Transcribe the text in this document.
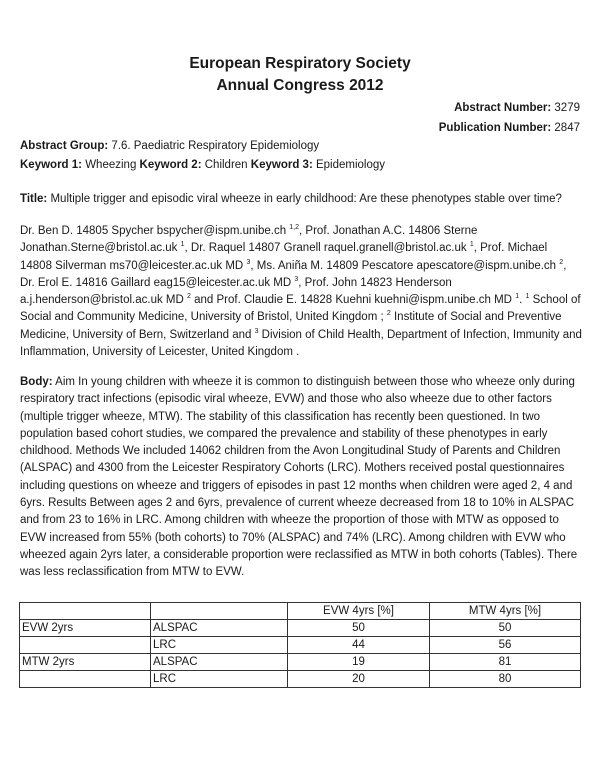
European Respiratory Society
Annual Congress 2012
Abstract Number: 3279
Publication Number: 2847
Abstract Group: 7.6. Paediatric Respiratory Epidemiology
Keyword 1: Wheezing Keyword 2: Children Keyword 3: Epidemiology
Title: Multiple trigger and episodic viral wheeze in early childhood: Are these phenotypes stable over time?
Dr. Ben D. 14805 Spycher bspycher@ispm.unibe.ch $^{1,2}$, Prof. Jonathan A.C. 14806 Sterne Jonathan.Sterne@bristol.ac.uk $^1$, Dr. Raquel 14807 Granell raquel.granell@bristol.ac.uk $^1$, Prof. Michael 14808 Silverman ms70@leicester.ac.uk MD $^3$, Ms. Aniña M. 14809 Pescatore apescatore@ispm.unibe.ch $^2$, Dr. Erol E. 14816 Gaillard eag15@leicester.ac.uk MD $^3$, Prof. John 14823 Henderson a.j.henderson@bristol.ac.uk MD $^2$ and Prof. Claudie E. 14828 Kuehni kuehni@ispm.unibe.ch MD $^1$. $^1$ School of Social and Community Medicine, University of Bristol, United Kingdom ; $^2$ Institute of Social and Preventive Medicine, University of Bern, Switzerland and $^3$ Division of Child Health, Department of Infection, Immunity and Inflammation, University of Leicester, United Kingdom .
Body: Aim In young children with wheeze it is common to distinguish between those who wheeze only during respiratory tract infections (episodic viral wheeze, EVW) and those who also wheeze due to other factors (multiple trigger wheeze, MTW). The stability of this classification has recently been questioned. In two population based cohort studies, we compared the prevalence and stability of these phenotypes in early childhood. Methods We included 14062 children from the Avon Longitudinal Study of Parents and Children (ALSPAC) and 4300 from the Leicester Respiratory Cohorts (LRC). Mothers received postal questionnaires including questions on wheeze and triggers of episodes in past 12 months when children were aged 2, 4 and 6yrs. Results Between ages 2 and 6yrs, prevalence of current wheeze decreased from 18 to 10% in ALSPAC and from 23 to 16% in LRC. Among children with wheeze the proportion of those with MTW as opposed to EVW increased from 55% (both cohorts) to 70% (ALSPAC) and 74% (LRC). Among children with EVW who wheezed again 2yrs later, a considerable proportion were reclassified as MTW in both cohorts (Tables). There was less reclassification from MTW to EVW.
		EVW 4yrs [%]	MTW 4yrs [%]
EVW 2yrs	ALSPAC	50	50
	LRC	44	56
MTW 2yrs	ALSPAC	19	81
	LRC	20	80
